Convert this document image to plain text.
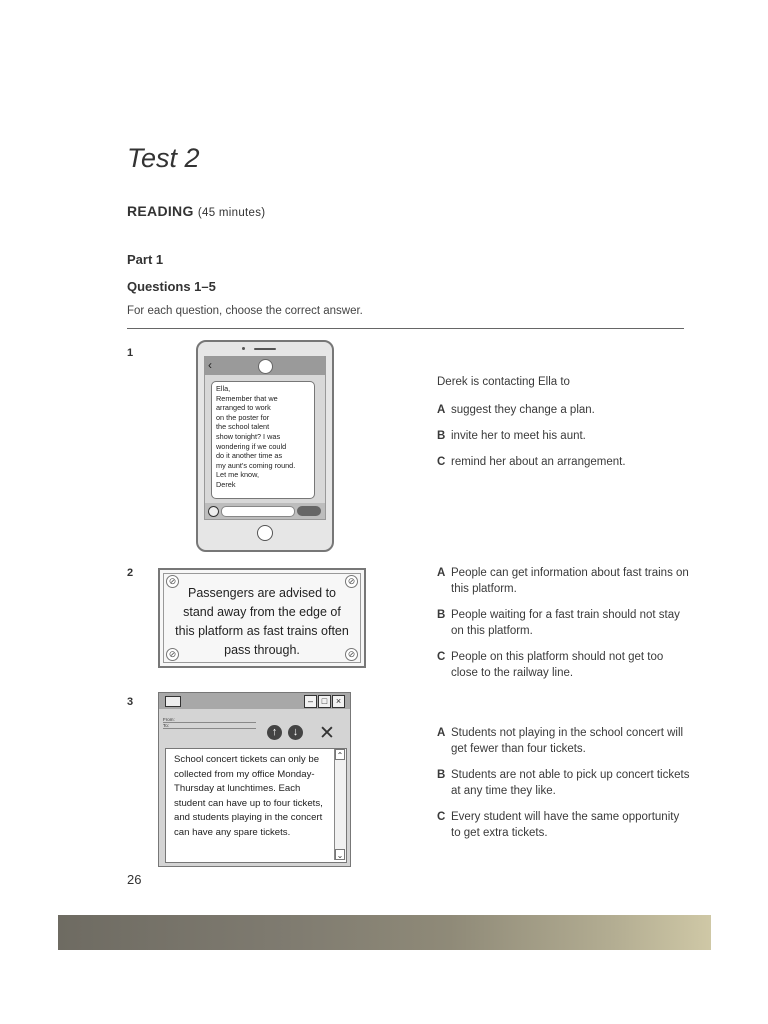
Test 2
READING (45 minutes)
Part 1
Questions 1–5
For each question, choose the correct answer.
1
‹
Ella,
Remember that we
arranged to work
on the poster for
the school talent
show tonight? I was
wondering if we could
do it another time as
my aunt's coming round.
Let me know,
Derek
Derek is contacting Ella to
A suggest they change a plan.
B invite her to meet his aunt.
C remind her about an arrangement.
2
⊘	⊘
⊘	⊘
Passengers are advised to stand away from the edge of this platform as fast trains often pass through.
A People can get information about fast trains on this platform.
B People waiting for a fast train should not stay on this platform.
C People on this platform should not get too close to the railway line.
3	– □ ×
From:
To:
↑	↓ ✕
School concert tickets can only be collected from my office Monday-Thursday at lunchtimes. Each student can have up to four tickets, and students playing in the concert can have any spare tickets.
⌃
⌄
A Students not playing in the school concert will get fewer than four tickets.
B Students are not able to pick up concert tickets at any time they like.
C Every student will have the same opportunity to get extra tickets.
26
